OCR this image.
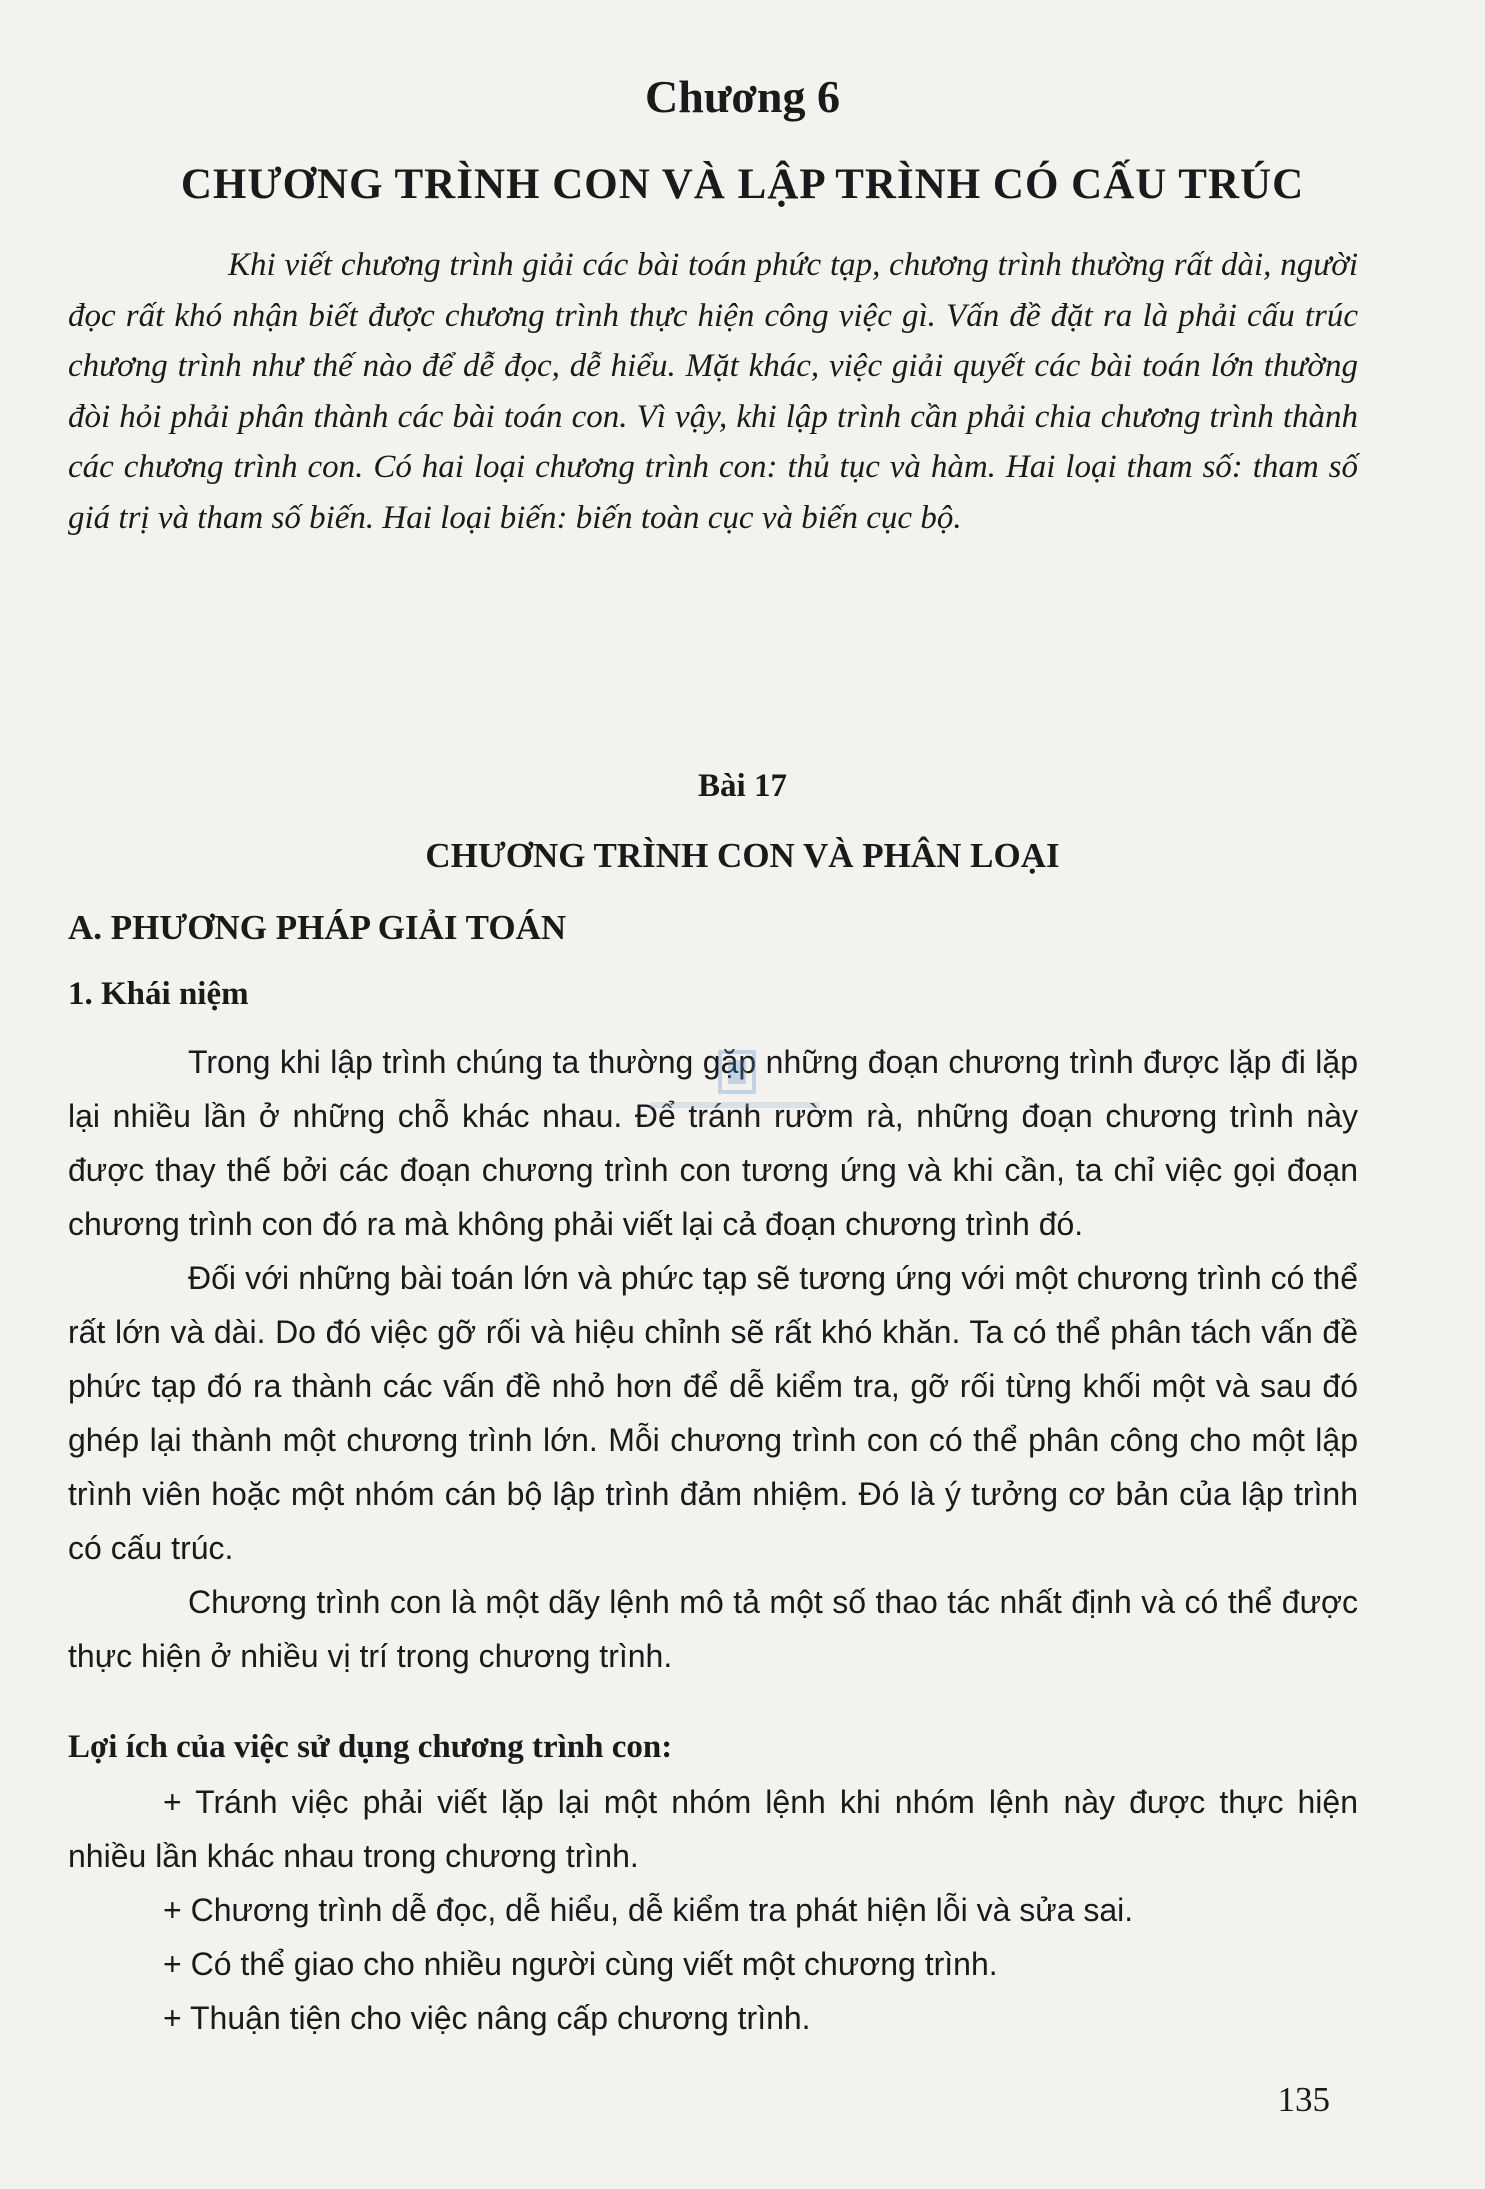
Chương 6
CHƯƠNG TRÌNH CON VÀ LẬP TRÌNH CÓ CẤU TRÚC

Khi viết chương trình giải các bài toán phức tạp, chương trình thường rất dài, người đọc rất khó nhận biết được chương trình thực hiện công việc gì. Vấn đề đặt ra là phải cấu trúc chương trình như thế nào để dễ đọc, dễ hiểu. Mặt khác, việc giải quyết các bài toán lớn thường đòi hỏi phải phân thành các bài toán con. Vì vậy, khi lập trình cần phải chia chương trình thành các chương trình con. Có hai loại chương trình con: thủ tục và hàm. Hai loại tham số: tham số giá trị và tham số biến. Hai loại biến: biến toàn cục và biến cục bộ.

Bài 17
CHƯƠNG TRÌNH CON VÀ PHÂN LOẠI
A. PHƯƠNG PHÁP GIẢI TOÁN
1. Khái niệm

Trong khi lập trình chúng ta thường gặp những đoạn chương trình được lặp đi lặp lại nhiều lần ở những chỗ khác nhau. Để tránh rườm rà, những đoạn chương trình này được thay thế bởi các đoạn chương trình con tương ứng và khi cần, ta chỉ việc gọi đoạn chương trình con đó ra mà không phải viết lại cả đoạn chương trình đó.

Đối với những bài toán lớn và phức tạp sẽ tương ứng với một chương trình có thể rất lớn và dài. Do đó việc gỡ rối và hiệu chỉnh sẽ rất khó khăn. Ta có thể phân tách vấn đề phức tạp đó ra thành các vấn đề nhỏ hơn để dễ kiểm tra, gỡ rối từng khối một và sau đó ghép lại thành một chương trình lớn. Mỗi chương trình con có thể phân công cho một lập trình viên hoặc một nhóm cán bộ lập trình đảm nhiệm. Đó là ý tưởng cơ bản của lập trình có cấu trúc.

Chương trình con là một dãy lệnh mô tả một số thao tác nhất định và có thể được thực hiện ở nhiều vị trí trong chương trình.

Lợi ích của việc sử dụng chương trình con:
+ Tránh việc phải viết lặp lại một nhóm lệnh khi nhóm lệnh này được thực hiện nhiều lần khác nhau trong chương trình.
+ Chương trình dễ đọc, dễ hiểu, dễ kiểm tra phát hiện lỗi và sửa sai.
+ Có thể giao cho nhiều người cùng viết một chương trình.
+ Thuận tiện cho việc nâng cấp chương trình.
135
